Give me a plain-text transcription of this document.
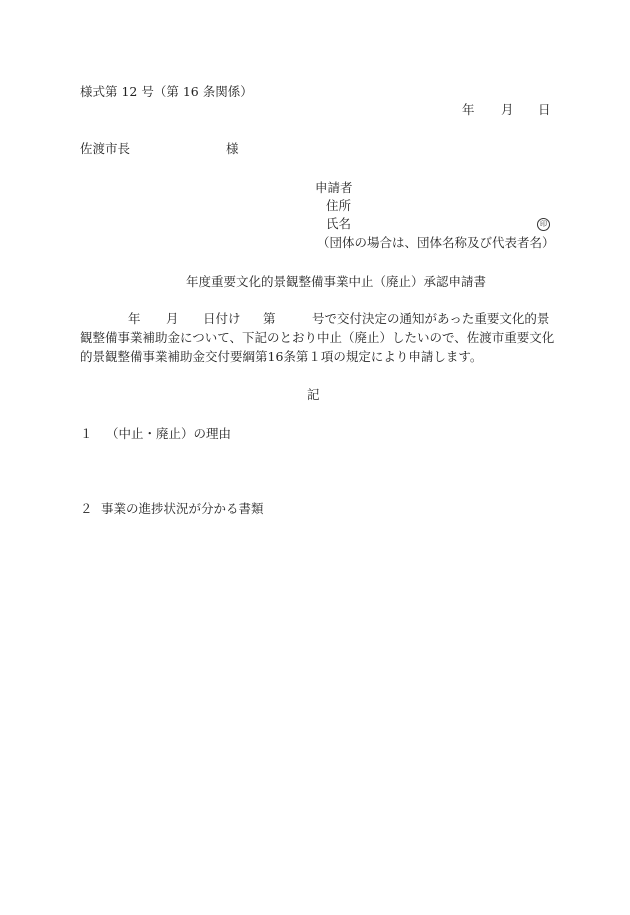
様式第 12 号（第 16 条関係）
年 月 日
佐渡市長	様
申請者
住所
氏名	印
（団体の場合は、団体名称及び代表者名）
年度重要文化的景観整備事業中止（廃止）承認申請書
年 月 日付け 第	号で交付決定の通知があった重要文化的景
観整備事業補助金について、下記のとおり中止（廃止）したいので、佐渡市重要文化
的景観整備事業補助金交付要綱第16条第１項の規定により申請します。
記
１ （中止・廃止）の理由
２ 事業の進捗状況が分かる書類
